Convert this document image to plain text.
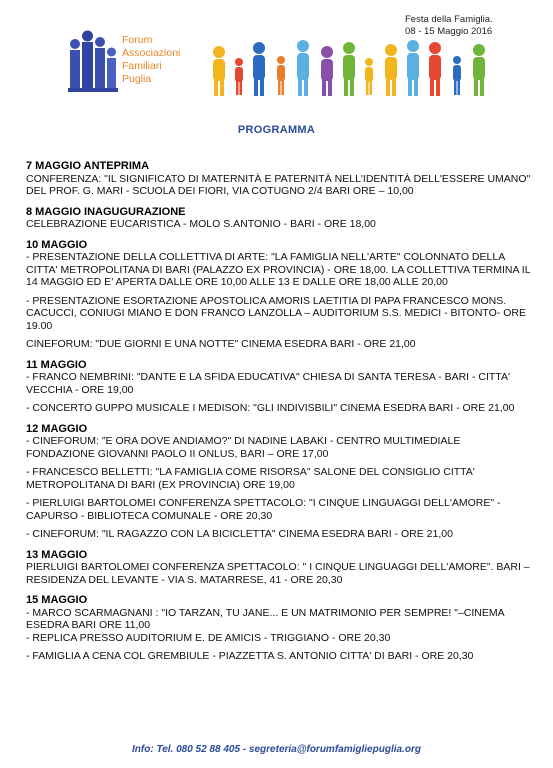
Forum
Associazioni
Familiari
Puglia
Festa della Famiglia.
08 - 15 Maggio 2016
PROGRAMMA
7 MAGGIO ANTEPRIMA
CONFERENZA: "IL SIGNIFICATO DI MATERNITÀ E PATERNITÀ NELL'IDENTITÀ DELL'ESSERE UMANO" DEL PROF. G. MARI - SCUOLA DEI FIORI, VIA COTUGNO 2/4 BARI ORE – 10,00
8 MAGGIO INAGUGURAZIONE
CELEBRAZIONE EUCARISTICA - MOLO S.ANTONIO - BARI - ORE 18,00
10 MAGGIO
- PRESENTAZIONE DELLA COLLETTIVA DI ARTE: "LA FAMIGLIA NELL'ARTE" COLONNATO DELLA CITTA' METROPOLITANA DI BARI (PALAZZO EX PROVINCIA) - ORE 18,00. LA COLLETTIVA TERMINA IL 14 MAGGIO ED E' APERTA DALLE ORE 10,00 ALLE 13 E DALLE ORE 18,00 ALLE 20,00
- PRESENTAZIONE ESORTAZIONE APOSTOLICA AMORIS LAETITIA DI PAPA FRANCESCO MONS. CACUCCI, CONIUGI MIANO E DON FRANCO LANZOLLA – AUDITORIUM S.S. MEDICI - BITONTO- ORE 19.00
CINEFORUM: "DUE GIORNI E UNA NOTTE" CINEMA ESEDRA BARI - ORE 21,00
11 MAGGIO
- FRANCO NEMBRINI: "DANTE E LA SFIDA EDUCATIVA" CHIESA DI SANTA TERESA - BARI - CITTA' VECCHIA - ORE 19,00
- CONCERTO GUPPO MUSICALE I MEDISON: "GLI INDIVISBILI" CINEMA ESEDRA BARI - ORE 21,00
12 MAGGIO
- CINEFORUM: "E ORA DOVE ANDIAMO?" DI NADINE LABAKI - CENTRO MULTIMEDIALE FONDAZIONE GIOVANNI PAOLO II ONLUS, BARI – ORE 17,00
- FRANCESCO BELLETTI: "LA FAMIGLIA COME RISORSA" SALONE DEL CONSIGLIO CITTA' METROPOLITANA DI BARI (EX PROVINCIA) ORE 19,00
- PIERLUIGI BARTOLOMEI CONFERENZA SPETTACOLO: "I CINQUE LINGUAGGI DELL'AMORE" - CAPURSO - BIBLIOTECA COMUNALE - ORE 20,30
- CINEFORUM: "IL RAGAZZO CON LA BICICLETTA" CINEMA ESEDRA BARI - ORE 21,00
13 MAGGIO
PIERLUIGI BARTOLOMEI CONFERENZA SPETTACOLO: " I CINQUE LINGUAGGI DELL'AMORE". BARI – RESIDENZA DEL LEVANTE - VIA S. MATARRESE, 41 - ORE 20,30
15 MAGGIO
- MARCO SCARMAGNANI : "IO TARZAN, TU JANE... E UN MATRIMONIO PER SEMPRE! "–CINEMA ESEDRA BARI ORE 11,00
- REPLICA PRESSO AUDITORIUM E. DE AMICIS - TRIGGIANO - ORE 20,30
- FAMIGLIA A CENA COL GREMBIULE - PIAZZETTA S. ANTONIO CITTA' DI BARI - ORE 20,30
Info: Tel. 080 52 88 405 - segreteria@forumfamigliepuglia.org
